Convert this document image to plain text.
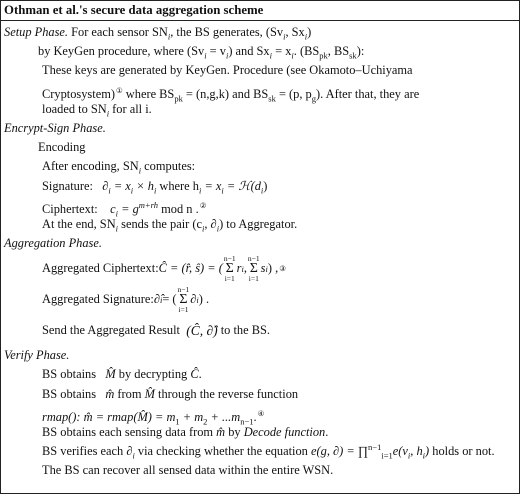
Othman et al.'s secure data aggregation scheme
Setup Phase. For each sensor $SN_i$, the BS generates, ($Sv_i$, $Sx_i$)
by KeyGen procedure, where $(Sv_i = v_i)$ and $Sx_i = x_i$. ($BS_{pk}$, $BS_{sk}$):
These keys are generated by KeyGen. Procedure (see Okamoto–Uchiyama
Cryptosystem)① where $BS_{pk} = (n,g,k)$ and $BS_{sk} = (p$, $p_g$). After that, they are
loaded to $SN_i$ for all i.
Encrypt-Sign Phase.
Encoding
After encoding, $SN_i$ computes:
Signature: $\partial_i = x_i \times h_i$ where $h_i = x_i$ = $ℋ(d_i)$
Ciphertext: $c_i = g^{m+rh}$ mod n .②
At the end, $SN_i$ sends the pair ($c_i$, $\partial_i$) to Aggregator.
Aggregation Phase.
Aggregated Ciphertext: Ĉ = (r̂, ŝ) = (
n−1
Σ
i=1
r i ,
n−1
Σ
i=1
s i ) , ③
Aggregated Signature: ∂̂ i = (
n−1
Σ
i=1
∂ i ) .
Send the Aggregated Result
(Ĉ, ∂̂)
to the BS.
Verify Phase.
BS obtains M̂ by decrypting Ĉ.
BS obtains m̂ from M̂ through the reverse function
rmap(): m̂ = rmap(M̂) = $m_1 + m_2 + ...m_{n-1}.^④$
BS obtains each sensing data from m̂ by Decode function.
BS verifies each $\partial_i$ via checking whether the equation e(g, ∂) = $\prod^{n-1}_{i=1}e(v_i$, $h_i$) holds or not.
The BS can recover all sensed data within the entire WSN.
